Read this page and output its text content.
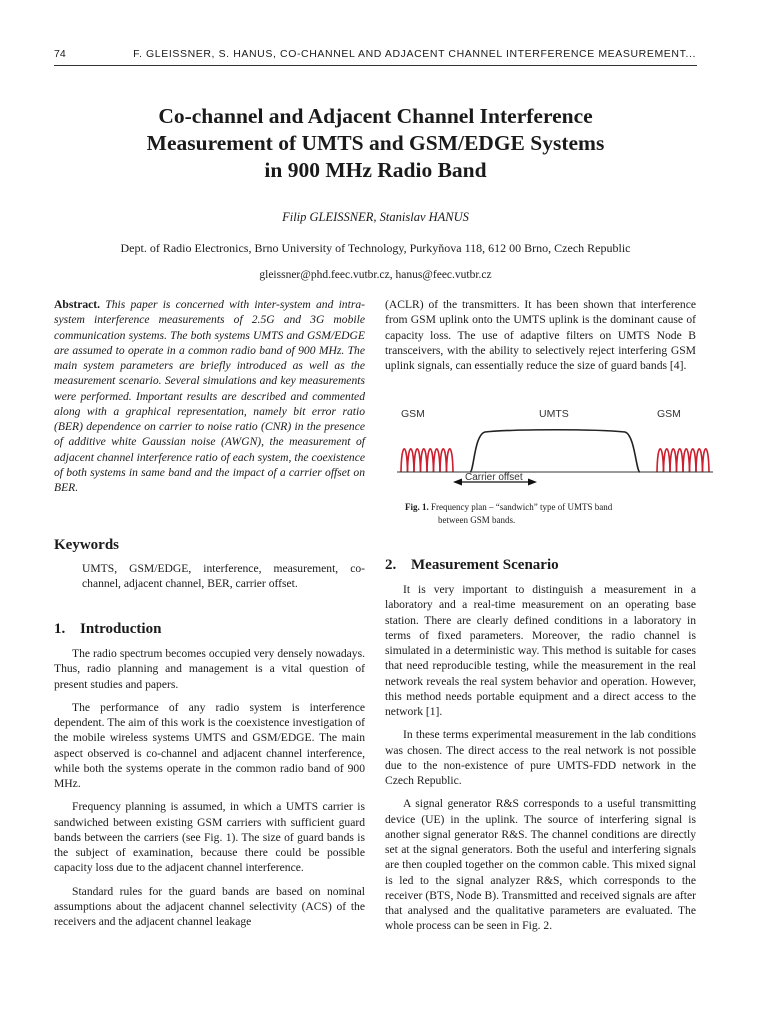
74	F. GLEISSNER, S. HANUS, CO-CHANNEL AND ADJACENT CHANNEL INTERFERENCE MEASUREMENT...
Co-channel and Adjacent Channel Interference
Measurement of UMTS and GSM/EDGE Systems
in 900 MHz Radio Band
Filip GLEISSNER, Stanislav HANUS
Dept. of Radio Electronics, Brno University of Technology, Purkyňova 118, 612 00 Brno, Czech Republic
gleissner@phd.feec.vutbr.cz, hanus@feec.vutbr.cz

Abstract. This paper is concerned with inter-system and intra-system interference measurements of 2.5G and 3G mobile communication systems. The both systems UMTS and GSM/EDGE are assumed to operate in a common radio band of 900 MHz. The main system parameters are briefly introduced as well as the measurement scenario. Several simulations and key measurements were performed. Important results are described and commented along with a graphical representation, namely bit error ratio (BER) dependence on carrier to noise ratio (CNR) in the presence of additive white Gaussian noise (AWGN), the measurement of adjacent channel interference ratio of each system, the coexistence of both systems in same band and the impact of a carrier offset on BER.

Keywords
UMTS, GSM/EDGE, interference, measurement, co-channel, adjacent channel, BER, carrier offset.
1. Introduction

The radio spectrum becomes occupied very densely nowadays. Thus, radio planning and management is a vital question of present studies and papers.

The performance of any radio system is interference dependent. The aim of this work is the coexistence investigation of the mobile wireless systems UMTS and GSM/EDGE. The main aspect observed is co-channel and adjacent channel interference, while both the systems operate in the common radio band of 900 MHz.

Frequency planning is assumed, in which a UMTS carrier is sandwiched between existing GSM carriers with sufficient guard bands between the carriers (see Fig. 1). The size of guard bands is the subject of examination, because there could be possible capacity loss due to the adjacent channel interference.

Standard rules for the guard bands are based on nominal assumptions about the adjacent channel selectivity (ACS) of the receivers and the adjacent channel leakage

(ACLR) of the transmitters. It has been shown that interference from GSM uplink onto the UMTS uplink is the dominant cause of capacity loss. The use of adaptive filters on UMTS Node B transceivers, with the ability to selectively reject interfering GSM uplink signals, can essentially reduce the size of guard bands [4].

GSM	UMTS	GSM
Carrier offset
Fig. 1. Frequency plan – “sandwich” type of UMTS band
between GSM bands.
2. Measurement Scenario

It is very important to distinguish a measurement in a laboratory and a real-time measurement on an operating base station. There are clearly defined conditions in a laboratory in terms of fixed parameters. Moreover, the radio channel is simulated in a deterministic way. This method is suitable for cases that need reproducible testing, while the measurement in the real network reveals the real system behavior and operation. However, this method needs portable equipment and a direct access to the network [1].

In these terms experimental measurement in the lab conditions was chosen. The direct access to the real network is not possible due to the non-existence of pure UMTS-FDD network in the Czech Republic.

A signal generator R&S corresponds to a useful transmitting device (UE) in the uplink. The source of interfering signal is another signal generator R&S. The channel conditions are directly set at the signal generators. Both the useful and interfering signals are then coupled together on the common cable. This mixed signal is led to the signal analyzer R&S, which corresponds to the receiver (BTS, Node B). Transmitted and received signals are after that analysed and the qualitative parameters are evaluated. The whole process can be seen in Fig. 2.
